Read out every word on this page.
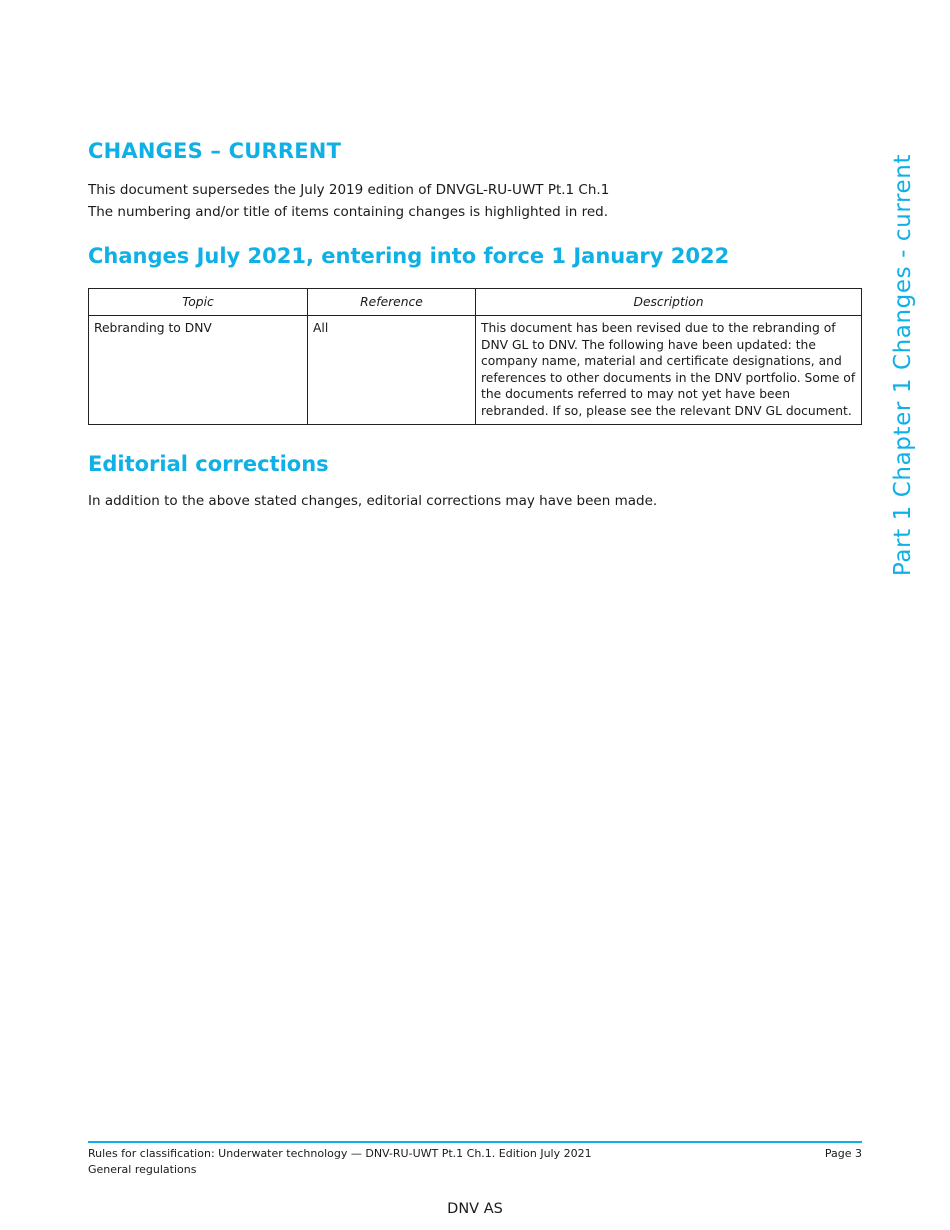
CHANGES – CURRENT
This document supersedes the July 2019 edition of DNVGL-RU-UWT Pt.1 Ch.1
The numbering and/or title of items containing changes is highlighted in red.
Changes July 2021, entering into force 1 January 2022
Topic	Reference	Description
Rebranding to DNV	All	This document has been revised due to the rebranding of DNV GL to DNV. The following have been updated: the company name, material and certificate designations, and references to other documents in the DNV portfolio. Some of the documents referred to may not yet have been rebranded. If so, please see the relevant DNV GL document.
Editorial corrections
In addition to the above stated changes, editorial corrections may have been made.	Part 1 Chapter 1 Changes - current
Rules for classification: Underwater technology — DNV-RU-UWT Pt.1 Ch.1. Edition July 2021
General regulations
Page 3
DNV AS
